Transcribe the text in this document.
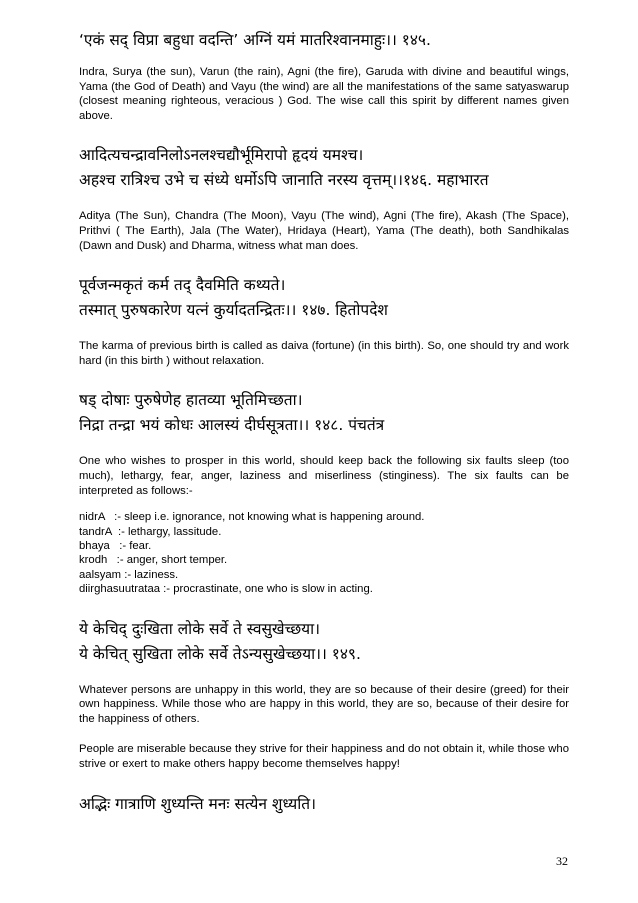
‘एकं सद् विप्रा बहुधा वदन्ति’ अग्निं यमं मातरिश्वानमाहुः।। १४५.

Indra, Surya (the sun), Varun (the rain), Agni (the fire), Garuda with divine and beautiful wings, Yama (the God of Death) and Vayu (the wind) are all the manifestations of the same satyaswarup (closest meaning righteous, veracious ) God. The wise call this spirit by different names given above.

आदित्यचन्द्रावनिलोऽनलश्चद्यौर्भूमिरापो हृदयं यमश्च।

अहश्च रात्रिश्च उभे च संध्ये धर्मोऽपि जानाति नरस्य वृत्तम्।।१४६. महाभारत

Aditya (The Sun), Chandra (The Moon), Vayu (The wind), Agni (The fire), Akash (The Space), Prithvi ( The Earth), Jala (The Water), Hridaya (Heart), Yama (The death), both Sandhikalas (Dawn and Dusk) and Dharma, witness what man does.

पूर्वजन्मकृतं कर्म तद् दैवमिति कथ्यते।

तस्मात् पुरुषकारेण यत्नं कुर्यादतन्द्रितः।। १४७. हितोपदेश

The karma of previous birth is called as daiva (fortune) (in this birth). So, one should try and work hard (in this birth ) without relaxation.

षड् दोषाः पुरुषेणेह हातव्या भूतिमिच्छता।

निद्रा तन्द्रा भयं कोधः आलस्यं दीर्घसूत्रता।। १४८. पंचतंत्र

One who wishes to prosper in this world, should keep back the following six faults sleep (too much), lethargy, fear, anger, laziness and miserliness (stinginess). The six faults can be interpreted as follows:-

nidrA   :- sleep i.e. ignorance, not knowing what is happening around.

tandrA  :- lethargy, lassitude.

bhaya   :- fear.

krodh   :- anger, short temper.

aalsyam :- laziness.

diirghasuutrataa :- procrastinate, one who is slow in acting.

ये केचिद् दुःखिता लोके सर्वे ते स्वसुखेच्छया।

ये केचित् सुखिता लोके सर्वे तेऽन्यसुखेच्छया।। १४९.

Whatever persons are unhappy in this world, they are so because of their desire (greed) for their own happiness. While those who are happy in this world, they are so, because of their desire for the happiness of others.

People are miserable because they strive for their happiness and do not obtain it, while those who strive or exert to make others happy become themselves happy!

अद्भिः गात्राणि शुध्यन्ति मनः सत्येन शुध्यति।

32
